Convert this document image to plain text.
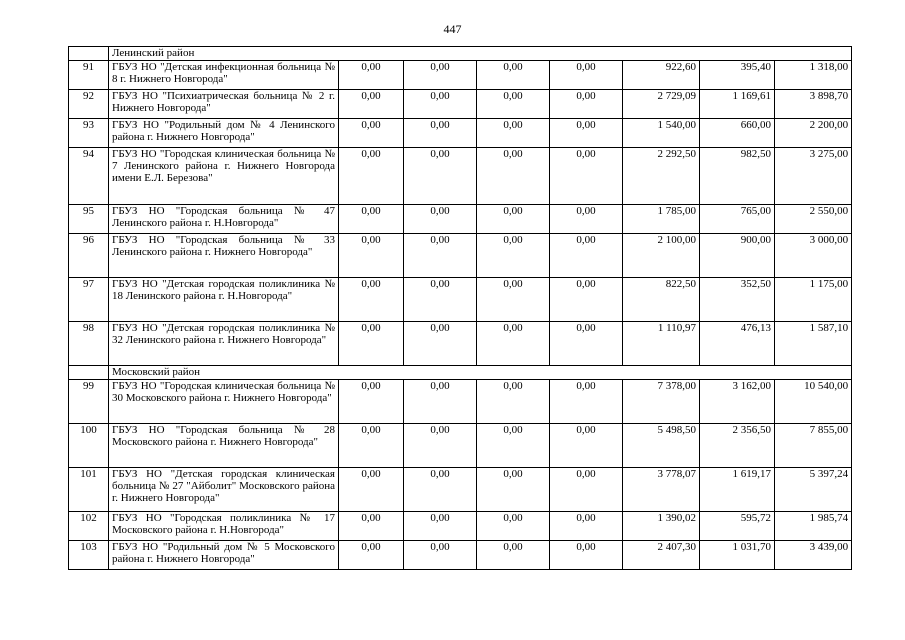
447
	Ленинский район							
91	ГБУЗ НО "Детская инфекционная больница № 8 г. Нижнего Новгорода"	0,00	0,00	0,00	0,00	922,60	395,40	1 318,00
92	ГБУЗ НО "Психиатрическая больница № 2 г. Нижнего Новгорода"	0,00	0,00	0,00	0,00	2 729,09	1 169,61	3 898,70
93	ГБУЗ НО "Родильный дом № 4 Ленинского района г. Нижнего Новгорода"	0,00	0,00	0,00	0,00	1 540,00	660,00	2 200,00
94	ГБУЗ НО "Городская клиническая больница № 7 Ленинского района г. Нижнего Новгорода имени Е.Л. Березова"	0,00	0,00	0,00	0,00	2 292,50	982,50	3 275,00
95	ГБУЗ НО "Городская больница № 47 Ленинского района г. Н.Новгорода"	0,00	0,00	0,00	0,00	1 785,00	765,00	2 550,00
96	ГБУЗ НО "Городская больница № 33 Ленинского района г. Нижнего Новгорода"	0,00	0,00	0,00	0,00	2 100,00	900,00	3 000,00
97	ГБУЗ НО "Детская городская поликлиника № 18 Ленинского района г. Н.Новгорода"	0,00	0,00	0,00	0,00	822,50	352,50	1 175,00
98	ГБУЗ НО "Детская городская поликлиника № 32 Ленинского района г. Нижнего Новгорода"	0,00	0,00	0,00	0,00	1 110,97	476,13	1 587,10
	Московский район							
99	ГБУЗ НО "Городская клиническая больница № 30 Московского района г. Нижнего Новгорода"	0,00	0,00	0,00	0,00	7 378,00	3 162,00	10 540,00
100	ГБУЗ НО "Городская больница № 28 Московского района г. Нижнего Новгорода"	0,00	0,00	0,00	0,00	5 498,50	2 356,50	7 855,00
101	ГБУЗ НО "Детская городская клиническая больница № 27 "Айболит" Московского района г. Нижнего Новгорода"	0,00	0,00	0,00	0,00	3 778,07	1 619,17	5 397,24
102	ГБУЗ НО "Городская поликлиника № 17 Московского района г. Н.Новгорода"	0,00	0,00	0,00	0,00	1 390,02	595,72	1 985,74
103	ГБУЗ НО "Родильный дом № 5 Московского района г. Нижнего Новгорода"	0,00	0,00	0,00	0,00	2 407,30	1 031,70	3 439,00
